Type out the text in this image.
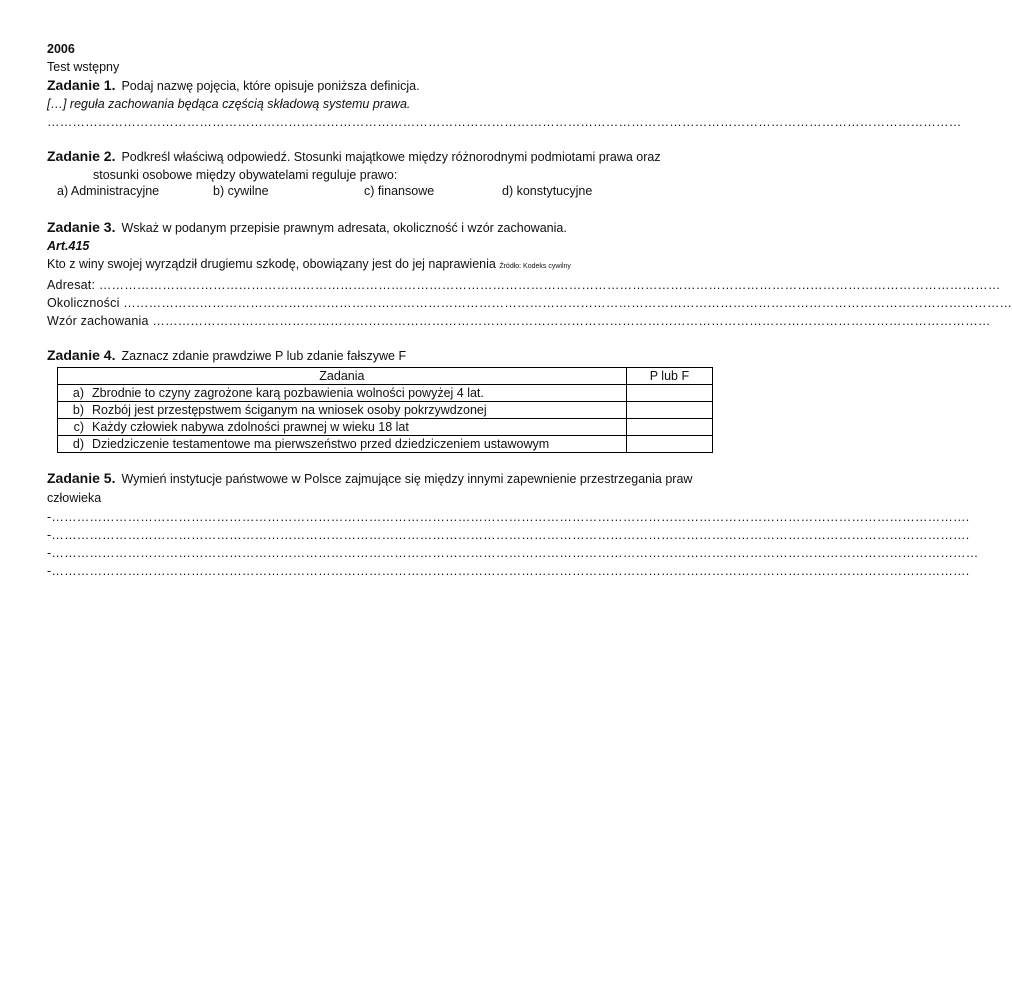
2006
Test wstępny
Zadanie 1. Podaj nazwę pojęcia, które opisuje poniższa definicja.
[…] reguła zachowania będąca częścią składową systemu prawa.
………………………………………………………………………………………………………………………………………………………………………………………………
Zadanie 2. Podkreśl właściwą odpowiedź. Stosunki majątkowe między różnorodnymi podmiotami prawa oraz
stosunki osobowe między obywatelami reguluje prawo:
a) Administracyjne	b) cywilne	c) finansowe	d) konstytucyjne
Zadanie 3. Wskaż w podanym przepisie prawnym adresata, okoliczność i wzór zachowania.
Art.415
Kto z winy swojej wyrządził drugiemu szkodę, obowiązany jest do jej naprawienia Źródło: Kodeks cywilny
Adresat: ……………………………………………………………………………………………………………………………………………………………………………………………
Okoliczności …………………………………………………………………………………………………………………………………………………………………………………………
Wzór zachowania ………………………………………………………………………………………………………………………………………………………………………………
Zadanie 4. Zaznacz zdanie prawdziwe P lub zdanie fałszywe F
Zadania	P lub F
a) Zbrodnie to czyny zagrożone karą pozbawienia wolności powyżej 4 lat.	
b) Rozbój jest przestępstwem ściganym na wniosek osoby pokrzywdzonej	
c) Każdy człowiek nabywa zdolności prawnej w wieku 18 lat	
d) Dziedziczenie testamentowe ma pierwszeństwo przed dziedziczeniem ustawowym	
Zadanie 5. Wymień instytucje państwowe w Polsce zajmujące się między innymi zapewnienie przestrzegania praw człowieka
-……………………………………………………………………………………………………………………………………………………………………………………………….
-……………………………………………………………………………………………………………………………………………………………………………………………….
-…………………………………………………………………………………………………………………………………………………………………………………………………
-……………………………………………………………………………………………………………………………………………………………………………………………….
